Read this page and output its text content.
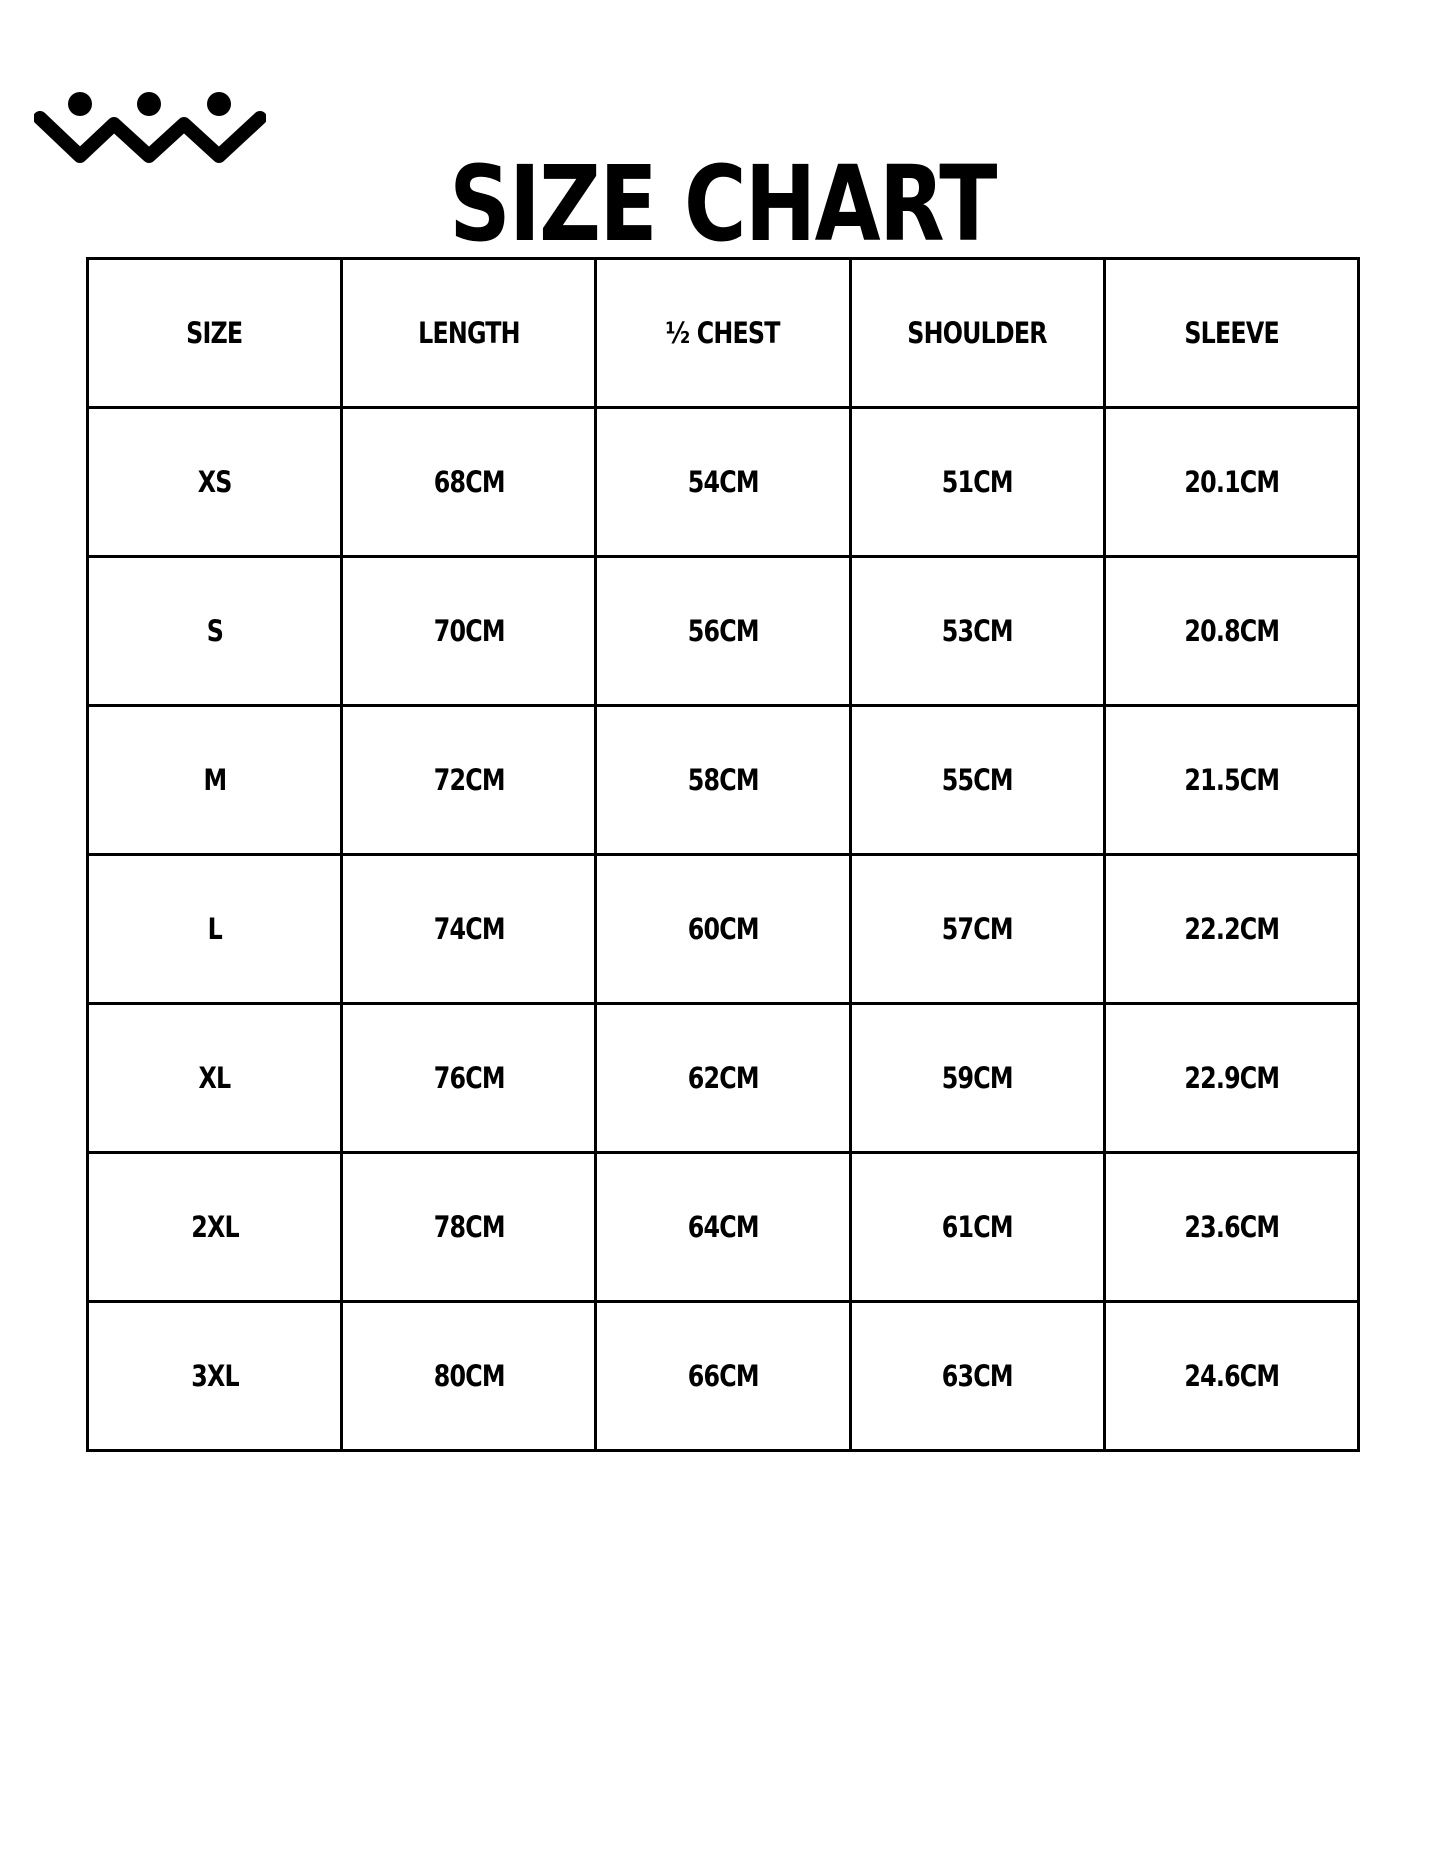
SIZE CHART
SIZE	LENGTH	½ CHEST	SHOULDER	SLEEVE
XS	68CM	54CM	51CM	20.1CM
S	70CM	56CM	53CM	20.8CM
M	72CM	58CM	55CM	21.5CM
L	74CM	60CM	57CM	22.2CM
XL	76CM	62CM	59CM	22.9CM
2XL	78CM	64CM	61CM	23.6CM
3XL	80CM	66CM	63CM	24.6CM
